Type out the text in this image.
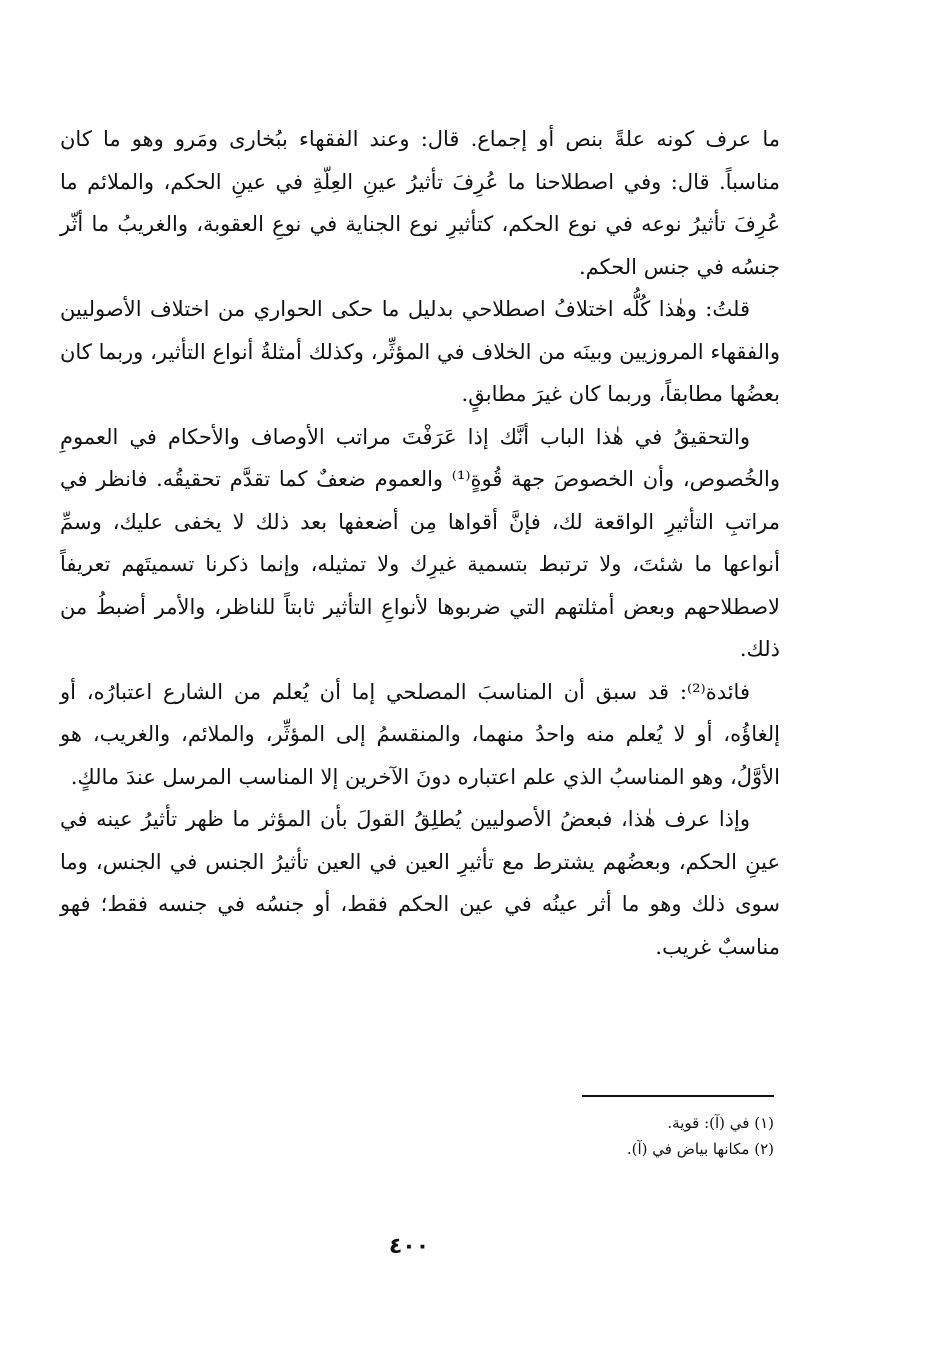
ما عرف كونه علةً بنص أو إجماع. قال: وعند الفقهاء ببُخارى ومَرو وهو ما كان مناسباً. قال: وفي اصطلاحنا ما عُرِفَ تأثيرُ عينِ العِلّةِ في عينِ الحكم، والملائم ما عُرِفَ تأثيرُ نوعه في نوع الحكم، كتأثيرِ نوع الجناية في نوعِ العقوبة، والغريبُ ما أثّر جنسُه في جنس الحكم.

قلتُ: وهٰذا كُلُّه اختلافُ اصطلاحي بدليل ما حكى الحواري من اختلاف الأصوليين والفقهاء المروزيين وبينَه من الخلاف في المؤثِّر، وكذلك أمثلةُ أنواع التأثير، وربما كان بعضُها مطابقاً، وربما كان غيرَ مطابقٍ.

والتحقيقُ في هٰذا الباب أنَّك إذا عَرَفْتَ مراتب الأوصاف والأحكام في العمومِ والخُصوص، وأن الخصوصَ جهة قُوةٍ⁽¹⁾ والعموم ضعفٌ كما تقدَّم تحقيقُه. فانظر في مراتبِ التأثيرِ الواقعة لك، فإنَّ أقواها مِن أضعفها بعد ذلك لا يخفى عليك، وسمِّ أنواعها ما شئتَ، ولا ترتبط بتسمية غيرِك ولا تمثيله، وإنما ذكرنا تسميتَهم تعريفاً لاصطلاحهم وبعض أمثلتهم التي ضربوها لأنواعِ التأثير ثابتاً للناظر، والأمر أضبطُ من ذلك.

فائدة⁽²⁾: قد سبق أن المناسبَ المصلحي إما أن يُعلم من الشارع اعتبارُه، أو إلغاؤُه، أو لا يُعلم منه واحدُ منهما، والمنقسمُ إلى المؤثِّر، والملائم، والغريب، هو الأوَّلُ، وهو المناسبُ الذي علم اعتباره دونَ الآخرين إلا المناسب المرسل عندَ مالكٍ.

وإذا عرف هٰذا، فبعضُ الأصوليين يُطلِقُ القولَ بأن المؤثر ما ظهر تأثيرُ عينه في عينِ الحكم، وبعضُهم يشترط مع تأثيرِ العين في العين تأثيرُ الجنس في الجنس، وما سوى ذلك وهو ما أثر عينُه في عين الحكم فقط، أو جنسُه في جنسه فقط؛ فهو مناسبٌ غريب.

(١) في (آ): قوية.
(٢) مكانها بياض في (آ).
٤٠٠
